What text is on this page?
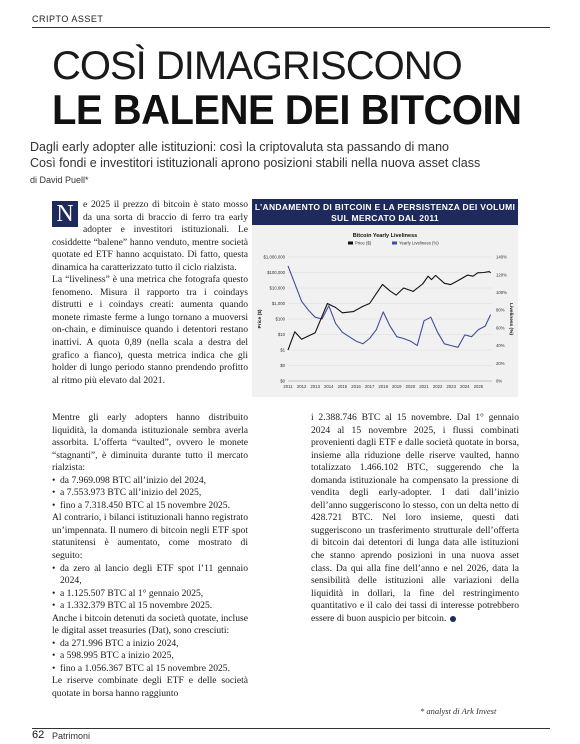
CRIPTO ASSET
COSÌ DIMAGRISCONO
LE BALENE DEI BITCOIN
Dagli early adopter alle istituzioni: così la criptovaluta sta passando di mano
Così fondi e investitori istituzionali aprono posizioni stabili nella nuova asset class
di David Puell*
N e 2025 il prezzo di bitcoin è stato mosso da una sorta di braccio di ferro tra early adopter e investitori istituzionali. Le cosiddette “balene” hanno venduto, mentre società quotate ed ETF hanno acquistato. Di fatto, questa dinamica ha caratterizzato tutto il ciclo rialzista.

La “liveliness” è una metrica che fotografa questo fenomeno. Misura il rapporto tra i coindays distrutti e i coindays creati: aumenta quando monete rimaste ferme a lungo tornano a muoversi on-chain, e diminuisce quando i detentori restano inattivi. A quota 0,89 (nella scala a destra del grafico a fianco), questa metrica indica che gli holder di lungo periodo stanno prendendo profitto al ritmo più elevato dal 2021.

L’ANDAMENTO DI BITCOIN E LA PERSISTENZA DEI VOLUMI SUL MERCATO DAL 2011
Bitcoin Yearly Liveliness
Price ($)	Yearly Liveliness (%)
$1,000,000
$100,000
$10,000
$1,000
$100
$10
$1
$0
$0
140%
120%
100%
80%
60%
40%
20%
0%
2011 2012 2013 2014 2015 2016 2017 2018 2019 2020 2021 2022 2023 2024 2025
Price ($)	Liveliness (%)

Mentre gli early adopters hanno distribuito liquidità, la domanda istituzionale sembra averla assorbita. L’offerta “vaulted”, ovvero le monete “stagnanti”, è diminuita durante tutto il mercato rialzista:

• da 7.969.098 BTC all’inizio del 2024,
• a 7.553.973 BTC all’inizio del 2025,
• fino a 7.318.450 BTC al 15 novembre 2025.

Al contrario, i bilanci istituzionali hanno registrato un’impennata. Il numero di bitcoin negli ETF spot statunitensi è aumentato, come mostrato di seguito:

• da zero al lancio degli ETF spot l’11 gennaio 2024,
• a 1.125.507 BTC al 1° gennaio 2025,
• a 1.332.379 BTC al 15 novembre 2025.

Anche i bitcoin detenuti da società quotate, incluse le digital asset treasuries (Dat), sono cresciuti:

• da 271.996 BTC a inizio 2024,
• a 598.995 BTC a inizio 2025,
• fino a 1.056.367 BTC al 15 novembre 2025.

Le riserve combinate degli ETF e delle società quotate in borsa hanno raggiunto

i 2.388.746 BTC al 15 novembre. Dal 1° gennaio 2024 al 15 novembre 2025, i flussi combinati provenienti dagli ETF e dalle società quotate in borsa, insieme alla riduzione delle riserve vaulted, hanno totalizzato 1.466.102 BTC, suggerendo che la domanda istituzionale ha compensato la pressione di vendita degli early-adopter. I dati dall’inizio dell’anno suggeriscono lo stesso, con un delta netto di 428.721 BTC. Nel loro insieme, questi dati suggeriscono un trasferimento strutturale dell’offerta di bitcoin dai detentori di lunga data alle istituzioni che stanno aprendo posizioni in una nuova asset class. Da qui alla fine dell’anno e nel 2026, data la sensibilità delle istituzioni alle variazioni della liquidità in dollari, la fine del restringimento quantitativo e il calo dei tassi di interesse potrebbero essere di buon auspicio per bitcoin.

* analyst di Ark Invest
62 Patrimoni
